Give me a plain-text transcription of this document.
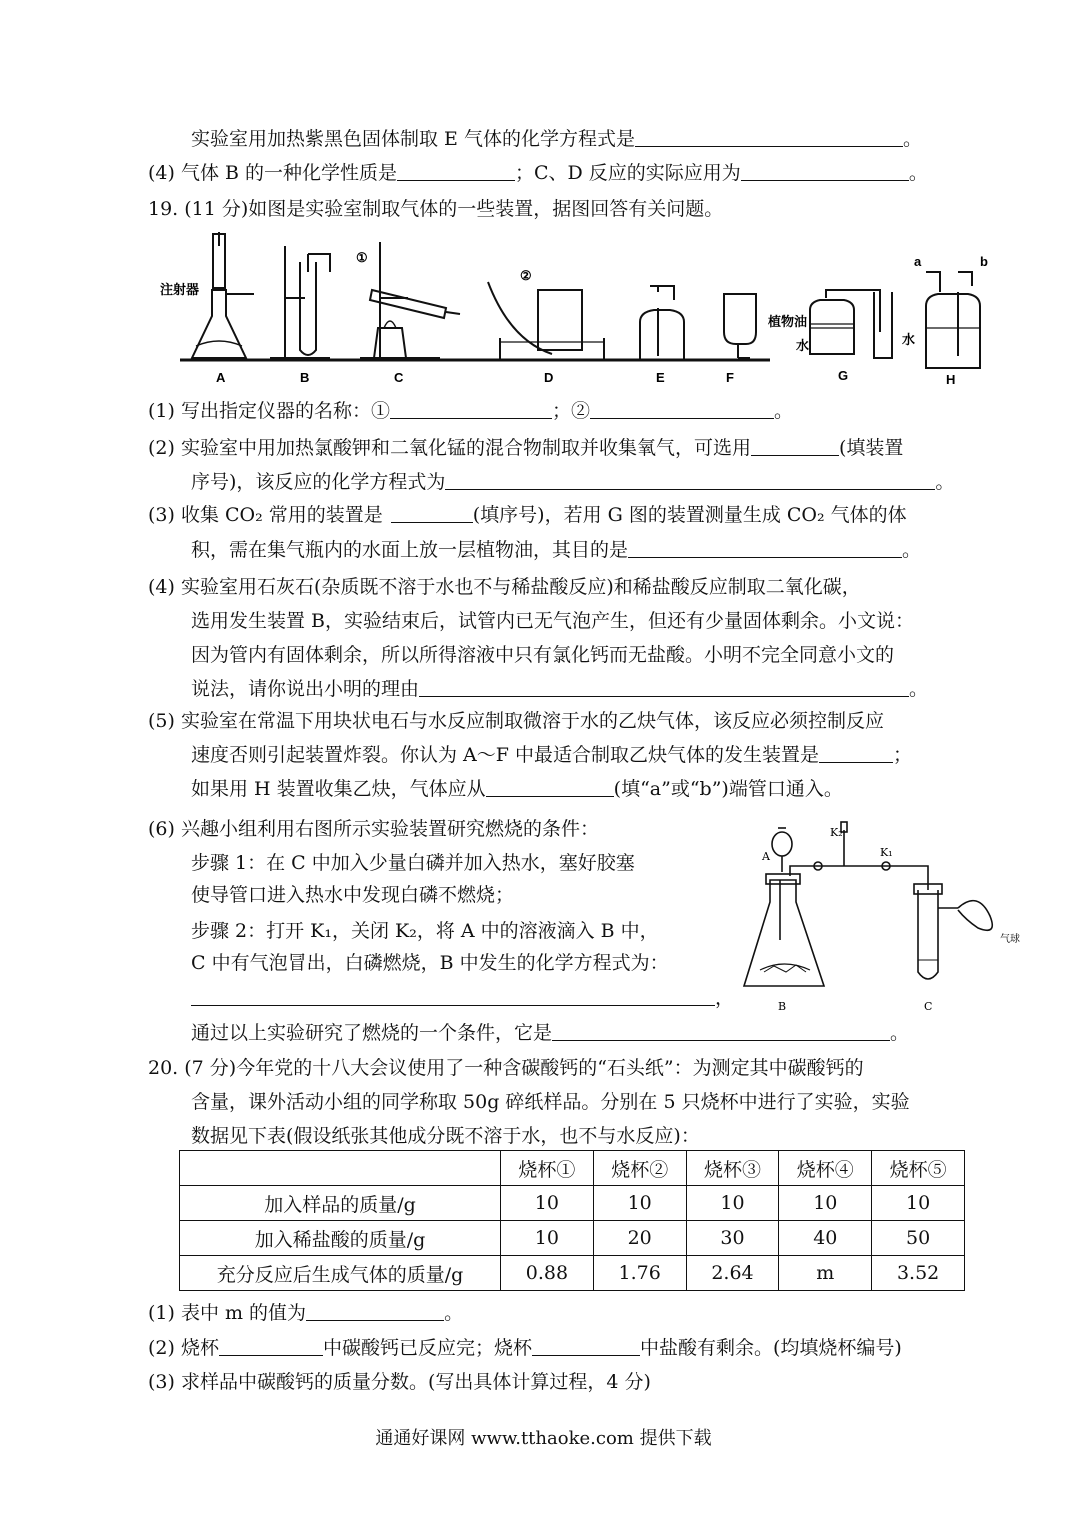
实验室用加热紫黑色固体制取 E 气体的化学方程式是	。
(4) 气体 B 的一种化学性质是	；C、D 反应的实际应用为	。
19. (11 分)如图是实验室制取气体的一些装置，据图回答有关问题。
注射器
①
②
植物油
水	水
a	b
A	B	C	D	E	F	G	H
(1) 写出指定仪器的名称：①	；②	。
(2) 实验室中用加热氯酸钾和二氧化锰的混合物制取并收集氧气，可选用	(填装置
序号)，该反应的化学方程式为	。
(3) 收集 CO₂ 常用的装置是	(填序号)，若用 G 图的装置测量生成 CO₂ 气体的体
积，需在集气瓶内的水面上放一层植物油，其目的是	。
(4) 实验室用石灰石(杂质既不溶于水也不与稀盐酸反应)和稀盐酸反应制取二氧化碳，
选用发生装置 B，实验结束后，试管内已无气泡产生，但还有少量固体剩余。小文说：
因为管内有固体剩余，所以所得溶液中只有氯化钙而无盐酸。小明不完全同意小文的
说法，请你说出小明的理由	。
(5) 实验室在常温下用块状电石与水反应制取微溶于水的乙炔气体，该反应必须控制反应
速度否则引起装置炸裂。你认为 A～F 中最适合制取乙炔气体的发生装置是	；
如果用 H 装置收集乙炔，气体应从	(填“a”或“b”)端管口通入。
(6) 兴趣小组利用右图所示实验装置研究燃烧的条件：
步骤 1：在 C 中加入少量白磷并加入热水，塞好胶塞
使导管口进入热水中发现白磷不燃烧；
步骤 2：打开 K₁，关闭 K₂，将 A 中的溶液滴入 B 中，
C 中有气泡冒出，白磷燃烧，B 中发生的化学方程式为：
，
通过以上实验研究了燃烧的一个条件，它是	。
A
K₂
K₁
B	C
气球
20. (7 分)今年党的十八大会议使用了一种含碳酸钙的“石头纸”：为测定其中碳酸钙的
含量，课外活动小组的同学称取 50g 碎纸样品。分别在 5 只烧杯中进行了实验，实验
数据见下表(假设纸张其他成分既不溶于水，也不与水反应)：
	烧杯①	烧杯②	烧杯③	烧杯④	烧杯⑤
加入样品的质量/g	10	10	10	10	10
加入稀盐酸的质量/g	10	20	30	40	50
充分反应后生成气体的质量/g	0.88	1.76	2.64	m	3.52
(1) 表中 m 的值为	。
(2) 烧杯	中碳酸钙已反应完；烧杯	中盐酸有剩余。(均填烧杯编号)
(3) 求样品中碳酸钙的质量分数。(写出具体计算过程，4 分)
通通好课网 www.tthaoke.com 提供下载
